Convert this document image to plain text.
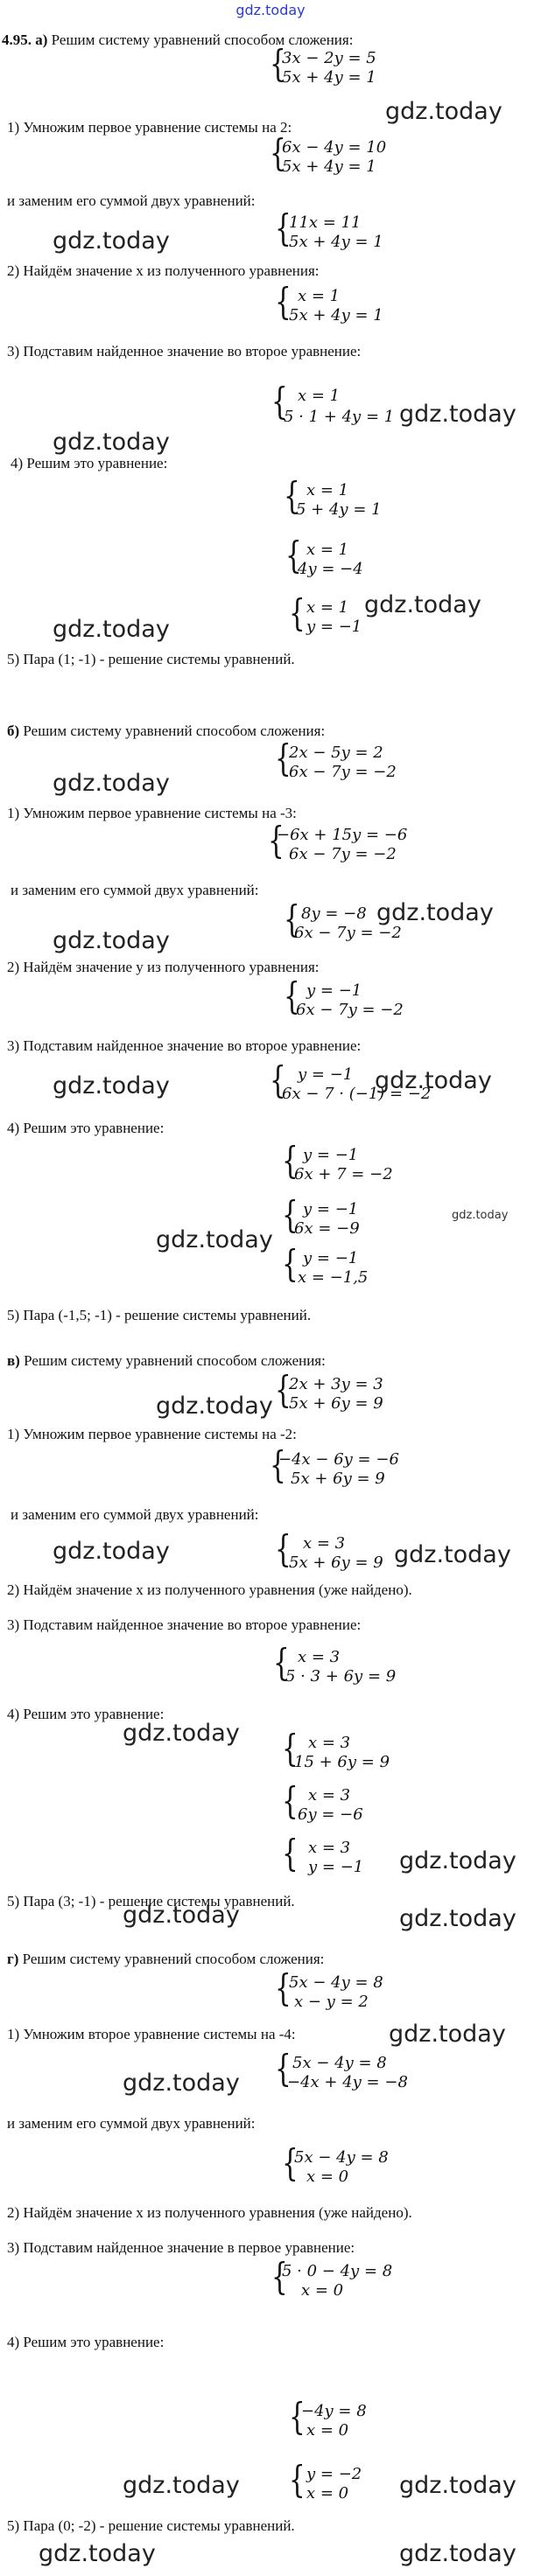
gdz.today
4.95. а) Решим систему уравнений способом сложения:
{
3x − 2y = 5
5x + 4y = 1
gdz.today
1) Умножим первое уравнение системы на 2:
{
6x − 4y = 10
5x + 4y = 1
и заменим его суммой двух уравнений:
{
11x = 11
5x + 4y = 1
gdz.today
2) Найдём значение x из полученного уравнения:
{ x = 1
5x + 4y = 1
3) Подставим найденное значение во второе уравнение:
{ x = 1
5 · 1 + 4y = 1 gdz.today
gdz.today
4) Решим это уравнение:
{ x = 1
5 + 4y = 1
{ x = 1
4y = −4
{ x = 1
y = −1
gdz.today
gdz.today
5) Пара (1; -1) - решение системы уравнений.
б) Решим систему уравнений способом сложения:
{
2x − 5y = 2
6x − 7y = −2
gdz.today
1) Умножим первое уравнение системы на -3:
{
−6x + 15y = −6
6x − 7y = −2
и заменим его суммой двух уравнений:
{ 8y = −8
6x − 7y = −2
gdz.today
gdz.today
2) Найдём значение y из полученного уравнения:
{ y = −1
6x − 7y = −2
3) Подставим найденное значение во второе уравнение:
{ y = −1
6x − 7 · (−1) = −2
gdz.today
gdz.today
4) Решим это уравнение:
{ y = −1
6x + 7 = −2
{ y = −1
6x = −9
gdz.today
gdz.today
{ y = −1
x = −1,5
5) Пара (-1,5; -1) - решение системы уравнений.
в) Решим систему уравнений способом сложения:
{
2x + 3y = 3
5x + 6y = 9
gdz.today
1) Умножим первое уравнение системы на -2:
{
−4x − 6y = −6
5x + 6y = 9
и заменим его суммой двух уравнений:
{ x = 3
5x + 6y = 9
gdz.today	gdz.today
2) Найдём значение x из полученного уравнения (уже найдено).
3) Подставим найденное значение во второе уравнение:
{ x = 3
5 · 3 + 6y = 9
4) Решим это уравнение:
gdz.today { x = 3
15 + 6y = 9
{ x = 3
6y = −6
{ x = 3
y = −1 gdz.today
5) Пара (3; -1) - решение системы уравнений.
gdz.today	gdz.today
г) Решим систему уравнений способом сложения:
{
5x − 4y = 8
x − y = 2
1) Умножим второе уравнение системы на -4:	gdz.today
gdz.today { 5x − 4y = 8
−4x + 4y = −8
и заменим его суммой двух уравнений:
{
5x − 4y = 8
x = 0
2) Найдём значение x из полученного уравнения (уже найдено).
3) Подставим найденное значение в первое уравнение:
{
5 · 0 − 4y = 8
x = 0
4) Решим это уравнение:
{
−4y = 8
x = 0
{ y = −2
x = 0
gdz.today	gdz.today
5) Пара (0; -2) - решение системы уравнений.
gdz.today	gdz.today
